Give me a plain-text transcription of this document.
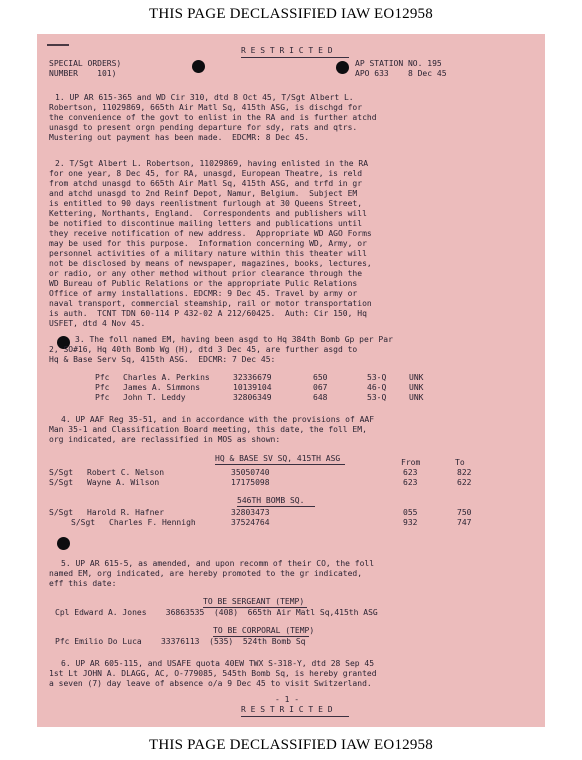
THIS PAGE DECLASSIFIED IAW EO12958
R E S T R I C T E D
SPECIAL ORDERS)
NUMBER    101)
AP STATION NO. 195
APO 633    8 Dec 45
1. UP AR 615-365 and WD Cir 310, dtd 8 Oct 45, T/Sgt Albert L.
Robertson, 11029869, 665th Air Matl Sq, 415th ASG, is dischgd for
the convenience of the govt to enlist in the RA and is further atchd
unasgd to present orgn pending departure for sdy, rats and qtrs.
Mustering out payment has been made.  EDCMR: 8 Dec 45.
2. T/Sgt Albert L. Robertson, 11029869, having enlisted in the RA
for one year, 8 Dec 45, for RA, unasgd, European Theatre, is reld
from atchd unasgd to 665th Air Matl Sq, 415th ASG, and trfd in gr
and atchd unasgd to 2nd Reinf Depot, Namur, Belgium.  Subject EM
is entitled to 90 days reenlistment furlough at 30 Queens Street,
Kettering, Northants, England.  Correspondents and publishers will
be notified to discontinue mailing letters and publications until
they receive notification of new address.  Appropriate WD AGO Forms
may be used for this purpose.  Information concerning WD, Army, or
personnel activities of a military nature within this theater will
not be disclosed by means of newspaper, magazines, books, lectures,
or radio, or any other method without prior clearance through the
WD Bureau of Public Relations or the appropriate Pulic Relations
Office of army installations. EDCMR: 9 Dec 45. Travel by army or
naval transport, commercial steamship, rail or motor transportation
is auth.  TCNT TDN 60-114 P 432-02 A 212/60425.  Auth: Cir 150, Hq
USFET, dtd 4 Nov 45.
3. The foll named EM, having been asgd to Hq 384th Bomb Gp per Par
2, SO#16, Hq 40th Bomb Wg (H), dtd 3 Dec 45, are further asgd to
Hq & Base Serv Sq, 415th ASG.  EDCMR: 7 Dec 45:
Pfc Charles A. Perkins	32336679	650	53-Q	UNK
Pfc James A. Simmons	10139104	067	46-Q	UNK
Pfc John T. Leddy	32806349	648	53-Q	UNK
4. UP AAF Reg 35-51, and in accordance with the provisions of AAF
Man 35-1 and Classification Board meeting, this date, the foll EM,
org indicated, are reclassified in MOS as shown:
HQ & BASE SV SQ, 415TH ASG	From	To
S/Sgt Robert C. Nelson	35050740	623	822
S/Sgt Wayne A. Wilson	17175098	623	622
546TH BOMB SQ.
S/Sgt Harold R. Hafner	32803473	055	750
S/Sgt Charles F. Hennigh	37524764	932	747
5. UP AR 615-5, as amended, and upon recomm of their CO, the foll
named EM, org indicated, are hereby promoted to the gr indicated,
eff this date:
TO BE SERGEANT (TEMP)
Cpl Edward A. Jones    36863535  (408)  665th Air Matl Sq,415th ASG
TO BE CORPORAL (TEMP)
Pfc Emilio Do Luca    33376113  (535)  524th Bomb Sq
6. UP AR 605-115, and USAFE quota 40EW TWX S-318-Y, dtd 28 Sep 45
1st Lt JOHN A. DLAGG, AC, O-779085, 545th Bomb Sq, is hereby granted
a seven (7) day leave of absence o/a 9 Dec 45 to visit Switzerland.
- 1 -
R E S T R I C T E D
THIS PAGE DECLASSIFIED IAW EO12958
